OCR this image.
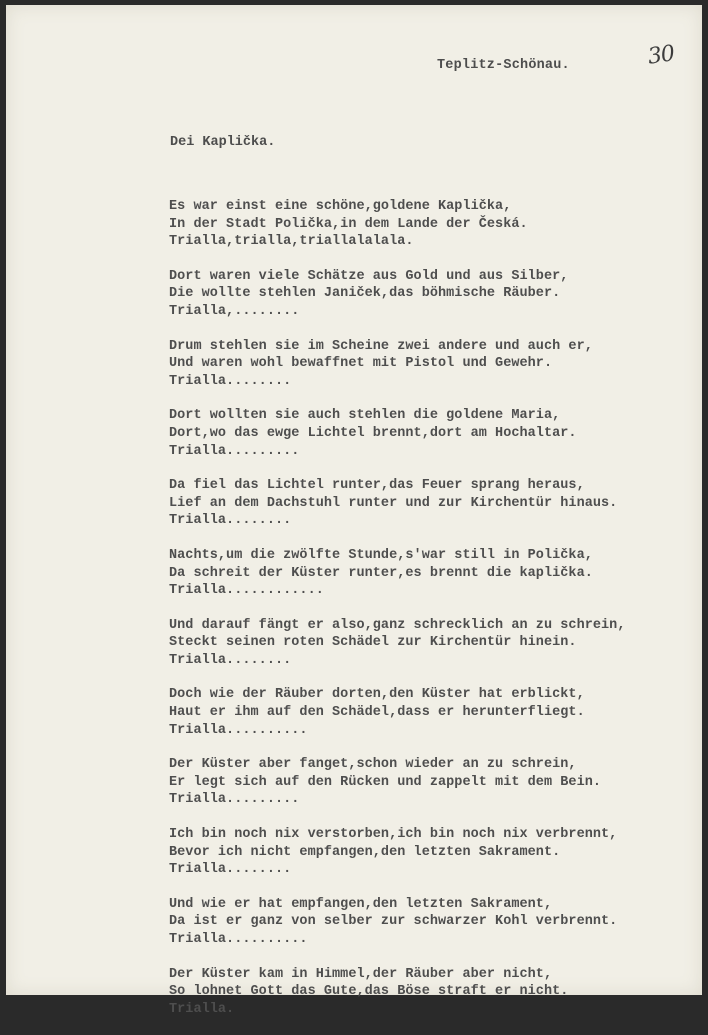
30
Teplitz-Schönau.
Dei Kaplička.
Es war einst eine schöne,goldene Kaplička,
In der Stadt Polička,in dem Lande der Česká.
Trialla,trialla,triallalalala.
Dort waren viele Schätze aus Gold und aus Silber,
Die wollte stehlen Janiček,das böhmische Räuber.
Trialla,........
Drum stehlen sie im Scheine zwei andere und auch er,
Und waren wohl bewaffnet mit Pistol und Gewehr.
Trialla........
Dort wollten sie auch stehlen die goldene Maria,
Dort,wo das ewge Lichtel brennt,dort am Hochaltar.
Trialla.........
Da fiel das Lichtel runter,das Feuer sprang heraus,
Lief an dem Dachstuhl runter und zur Kirchentür hinaus.
Trialla........
Nachts,um die zwölfte Stunde,s'war still in Polička,
Da schreit der Küster runter,es brennt die kaplička.
Trialla............
Und darauf fängt er also,ganz schrecklich an zu schrein,
Steckt seinen roten Schädel zur Kirchentür hinein.
Trialla........
Doch wie der Räuber dorten,den Küster hat erblickt,
Haut er ihm auf den Schädel,dass er herunterfliegt.
Trialla..........
Der Küster aber fanget,schon wieder an zu schrein,
Er legt sich auf den Rücken und zappelt mit dem Bein.
Trialla.........
Ich bin noch nix verstorben,ich bin noch nix verbrennt,
Bevor ich nicht empfangen,den letzten Sakrament.
Trialla........
Und wie er hat empfangen,den letzten Sakrament,
Da ist er ganz von selber zur schwarzer Kohl verbrennt.
Trialla..........
Der Küster kam in Himmel,der Räuber aber nicht,
So lohnet Gott das Gute,das Böse straft er nicht.
Trialla.
